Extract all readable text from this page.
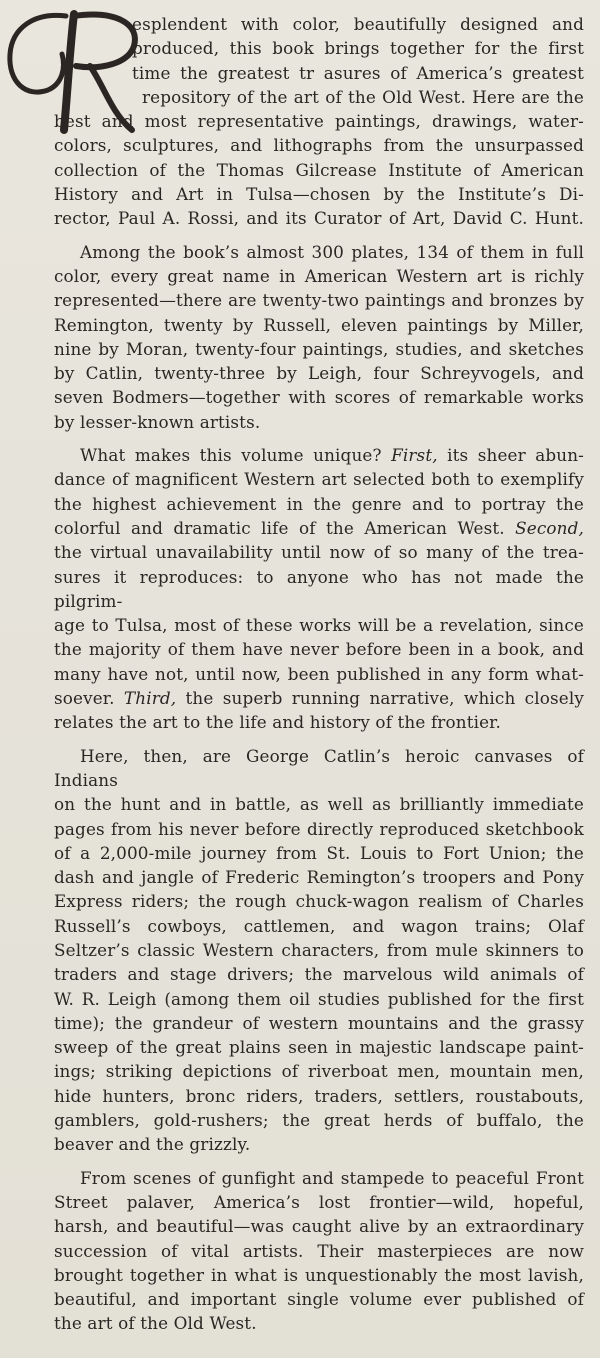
esplendent with color, beautifully designed and
produced, this book brings together for the first
time the greatest tr asures of America’s greatest
repository of the art of the Old West. Here are the
best and most representative paintings, drawings, water-
colors, sculptures, and lithographs from the unsurpassed
collection of the Thomas Gilcrease Institute of American
History and Art in Tulsa—chosen by the Institute’s Di-
rector, Paul A. Rossi, and its Curator of Art, David C. Hunt.

Among the book’s almost 300 plates, 134 of them in full
color, every great name in American Western art is richly
represented—there are twenty-two paintings and bronzes by
Remington, twenty by Russell, eleven paintings by Miller,
nine by Moran, twenty-four paintings, studies, and sketches
by Catlin, twenty-three by Leigh, four Schreyvogels, and
seven Bodmers—together with scores of remarkable works
by lesser-known artists.

What makes this volume unique? First, its sheer abun-
dance of magnificent Western art selected both to exemplify
the highest achievement in the genre and to portray the
colorful and dramatic life of the American West. Second,
the virtual unavailability until now of so many of the trea-
sures it reproduces: to anyone who has not made the pilgrim-
age to Tulsa, most of these works will be a revelation, since
the majority of them have never before been in a book, and
many have not, until now, been published in any form what-
soever. Third, the superb running narrative, which closely
relates the art to the life and history of the frontier.

Here, then, are George Catlin’s heroic canvases of Indians
on the hunt and in battle, as well as brilliantly immediate
pages from his never before directly reproduced sketchbook
of a 2,000-mile journey from St. Louis to Fort Union; the
dash and jangle of Frederic Remington’s troopers and Pony
Express riders; the rough chuck-wagon realism of Charles
Russell’s cowboys, cattlemen, and wagon trains; Olaf
Seltzer’s classic Western characters, from mule skinners to
traders and stage drivers; the marvelous wild animals of
W. R. Leigh (among them oil studies published for the first
time); the grandeur of western mountains and the grassy
sweep of the great plains seen in majestic landscape paint-
ings; striking depictions of riverboat men, mountain men,
hide hunters, bronc riders, traders, settlers, roustabouts,
gamblers, gold-rushers; the great herds of buffalo, the
beaver and the grizzly.

From scenes of gunfight and stampede to peaceful Front
Street palaver, America’s lost frontier—wild, hopeful,
harsh, and beautiful—was caught alive by an extraordinary
succession of vital artists. Their masterpieces are now
brought together in what is unquestionably the most lavish,
beautiful, and important single volume ever published of
the art of the Old West.
